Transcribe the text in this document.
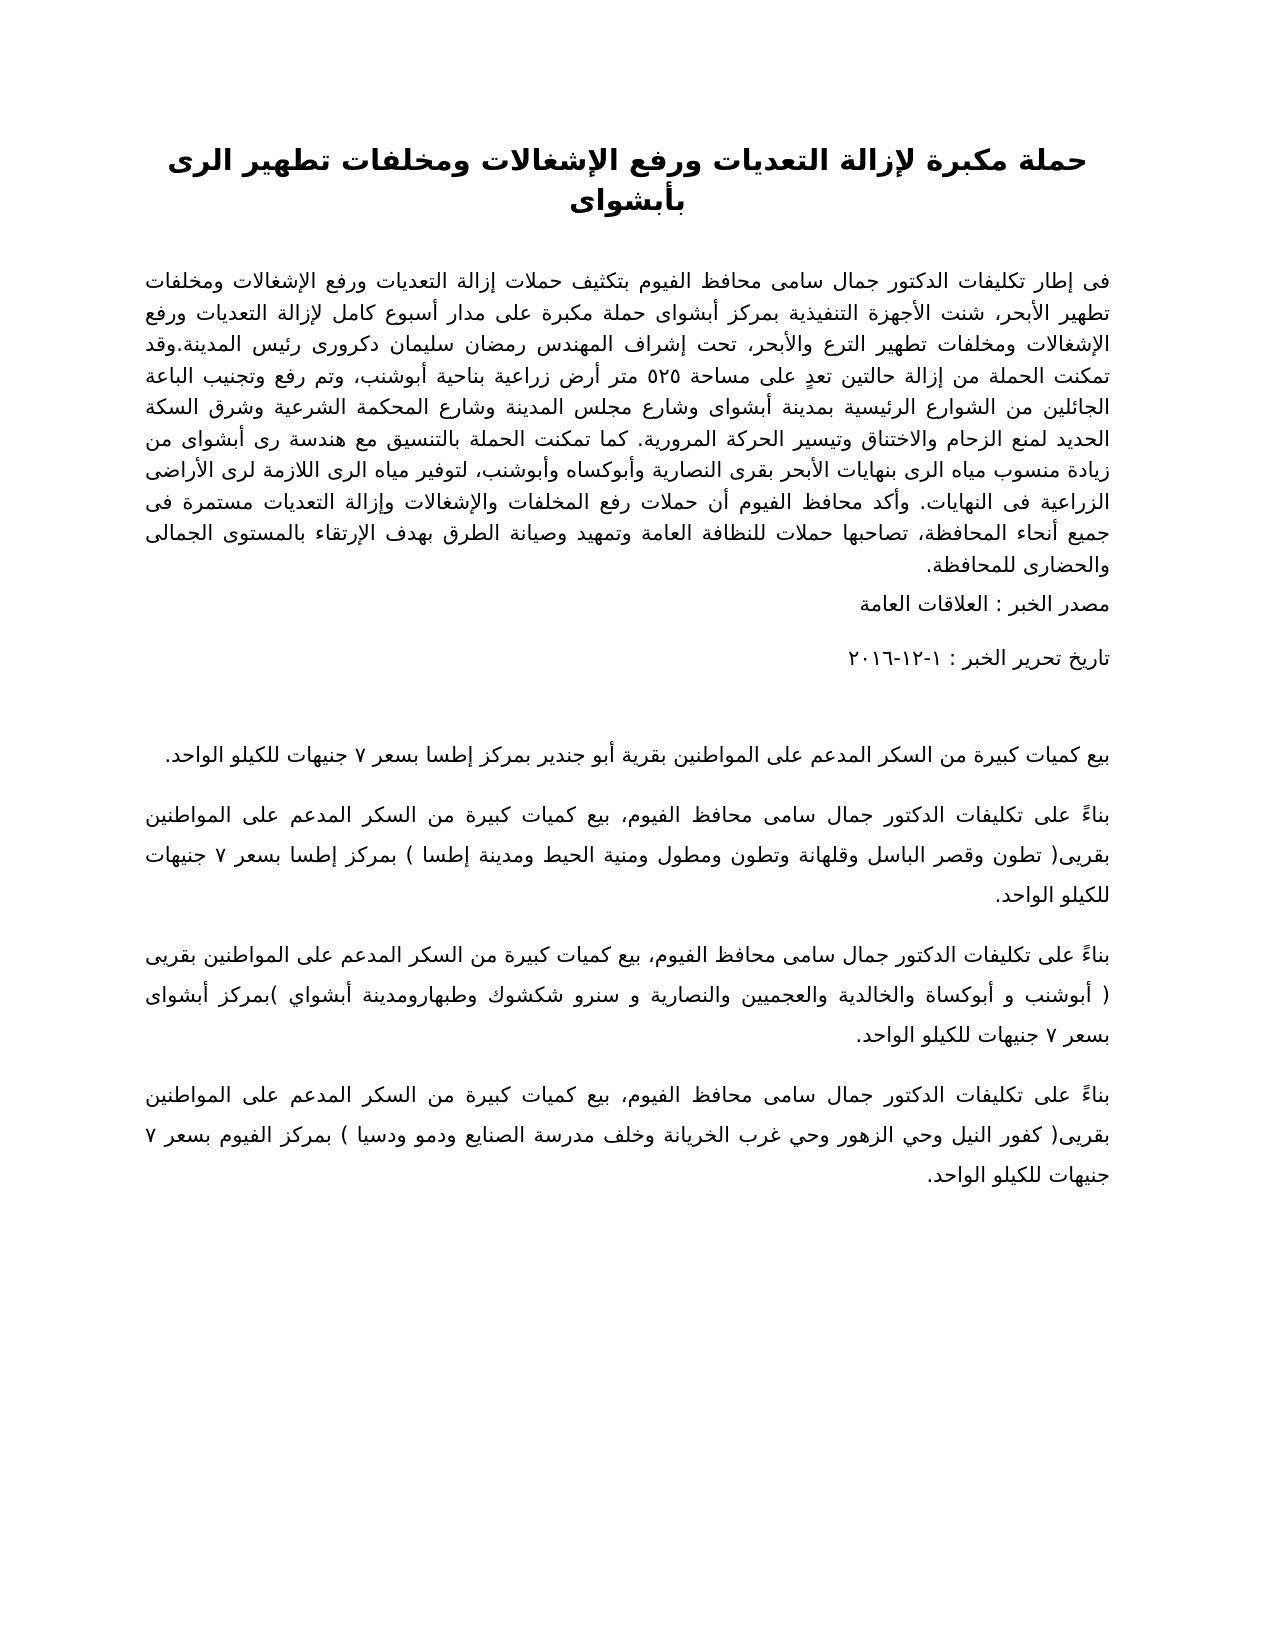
حملة مكبرة لإزالة التعديات ورفع الإشغالات ومخلفات تطهير الرى بأبشواى

فى إطار تكليفات الدكتور جمال سامى محافظ الفيوم بتكثيف حملات إزالة التعديات ورفع الإشغالات ومخلفات تطهير الأبحر، شنت الأجهزة التنفيذية بمركز أبشواى حملة مكبرة على مدار أسبوع كامل لإزالة التعديات ورفع الإشغالات ومخلفات تطهير الترع والأبحر، تحت إشراف المهندس رمضان سليمان دكرورى رئيس المدينة.وقد تمكنت الحملة من إزالة حالتين تعدٍ على مساحة ٥٢٥ متر أرض زراعية بناحية أبوشنب، وتم رفع وتجنيب الباعة الجائلين من الشوارع الرئيسية بمدينة أبشواى وشارع مجلس المدينة وشارع المحكمة الشرعية وشرق السكة الحديد لمنع الزحام والاختناق وتيسير الحركة المرورية. كما تمكنت الحملة بالتنسيق مع هندسة رى أبشواى من زيادة منسوب مياه الرى بنهايات الأبحر بقرى النصارية وأبوكساه وأبوشنب، لتوفير مياه الرى اللازمة لرى الأراضى الزراعية فى النهايات. وأكد محافظ الفيوم أن حملات رفع المخلفات والإشغالات وإزالة التعديات مستمرة فى جميع أنحاء المحافظة، تصاحبها حملات للنظافة العامة وتمهيد وصيانة الطرق بهدف الإرتقاء بالمستوى الجمالى والحضارى للمحافظة.

مصدر الخبر : العلاقات العامة

تاريخ تحرير الخبر : ١-١٢-٢٠١٦

بيع كميات كبيرة من السكر المدعم على المواطنين بقرية أبو جندير بمركز إطسا بسعر ٧ جنيهات للكيلو الواحد.

بناءً على تكليفات الدكتور جمال سامى محافظ الفيوم، بيع كميات كبيرة من السكر المدعم على المواطنين بقريى( تطون وقصر الباسل وقلهانة وتطون ومطول ومنية الحيط ومدينة إطسا ) بمركز إطسا بسعر ٧ جنيهات للكيلو الواحد.

بناءً على تكليفات الدكتور جمال سامى محافظ الفيوم، بيع كميات كبيرة من السكر المدعم على المواطنين بقريى ( أبوشنب و أبوكساة والخالدية والعجميين والنصارية و سنرو شكشوك وطبهارومدينة أبشواي )بمركز أبشواى بسعر ٧ جنيهات للكيلو الواحد.

بناءً على تكليفات الدكتور جمال سامى محافظ الفيوم، بيع كميات كبيرة من السكر المدعم على المواطنين بقريى( كفور النيل وحي الزهور وحي غرب الخريانة وخلف مدرسة الصنايع ودمو ودسيا ) بمركز الفيوم بسعر ٧ جنيهات للكيلو الواحد.
